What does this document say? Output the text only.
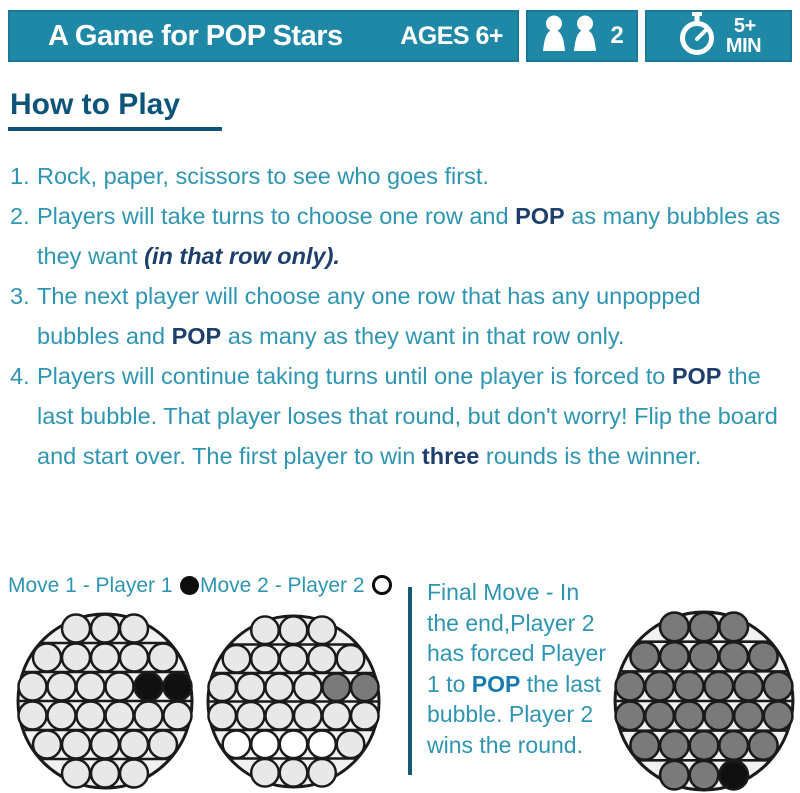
A Game for POP Stars AGES 6+	2	5+
MIN
How to Play
1. Rock, paper, scissors to see who goes first.
2. Players will take turns to choose one row and POP as many bubbles as they want (in that row only).
3. The next player will choose any one row that has any unpopped bubbles and POP as many as they want in that row only.
4. Players will continue taking turns until one player is forced to POP the last bubble. That player loses that round, but don't worry! Flip the board and start over. The first player to win three rounds is the winner.
Move 1 - Player 1	Move 2 - Player 2	Final Move - In the end,Player 2 has forced Player 1 to POP the last bubble. Player 2 wins the round.
